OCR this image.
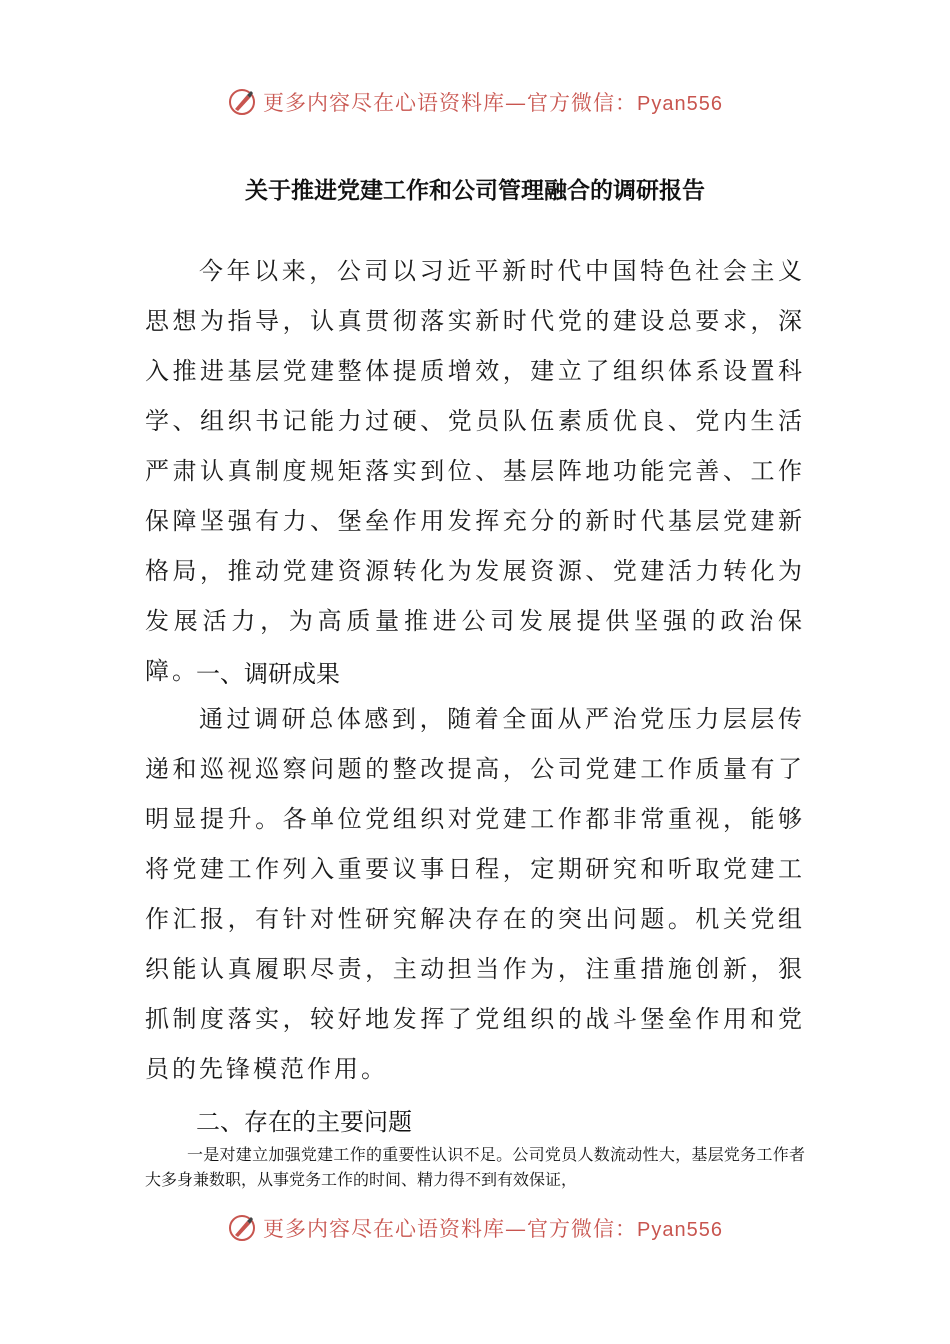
更多内容尽在心语资料库—官方微信：Pyan556
关于推进党建工作和公司管理融合的调研报告

今年以来，公司以习近平新时代中国特色社会主义思想为指导，认真贯彻落实新时代党的建设总要求，深入推进基层党建整体提质增效，建立了组织体系设置科学、组织书记能力过硬、党员队伍素质优良、党内生活严肃认真制度规矩落实到位、基层阵地功能完善、工作保障坚强有力、堡垒作用发挥充分的新时代基层党建新格局，推动党建资源转化为发展资源、党建活力转化为发展活力，为高质量推进公司发展提供坚强的政治保障。

一、调研成果

通过调研总体感到，随着全面从严治党压力层层传递和巡视巡察问题的整改提高，公司党建工作质量有了明显提升。各单位党组织对党建工作都非常重视，能够将党建工作列入重要议事日程，定期研究和听取党建工作汇报，有针对性研究解决存在的突出问题。机关党组织能认真履职尽责，主动担当作为，注重措施创新，狠抓制度落实，较好地发挥了党组织的战斗堡垒作用和党员的先锋模范作用。

二、存在的主要问题

一是对建立加强党建工作的重要性认识不足。公司党员人数流动性大，基层党务工作者大多身兼数职，从事党务工作的时间、精力得不到有效保证，

更多内容尽在心语资料库—官方微信：Pyan556
